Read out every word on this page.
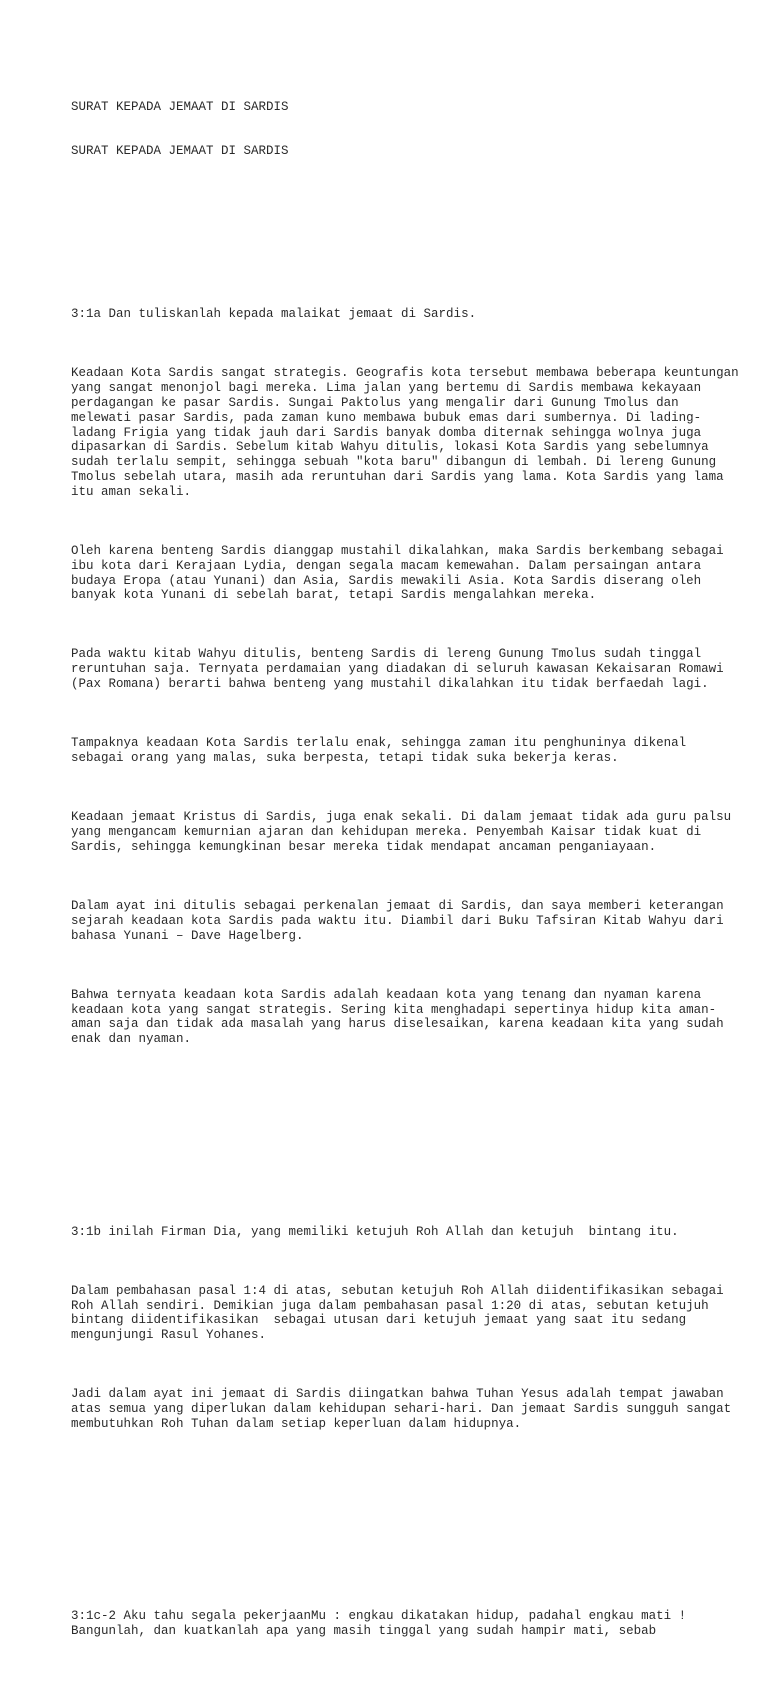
SURAT KEPADA JEMAAT DI SARDIS

SURAT KEPADA JEMAAT DI SARDIS

3:1a Dan tuliskanlah kepada malaikat jemaat di Sardis.

Keadaan Kota Sardis sangat strategis. Geografis kota tersebut membawa beberapa keuntungan yang sangat menonjol bagi mereka. Lima jalan yang bertemu di Sardis membawa kekayaan perdagangan ke pasar Sardis. Sungai Paktolus yang mengalir dari Gunung Tmolus dan melewati pasar Sardis, pada zaman kuno membawa bubuk emas dari sumbernya. Di lading-ladang Frigia yang tidak jauh dari Sardis banyak domba diternak sehingga wolnya juga dipasarkan di Sardis. Sebelum kitab Wahyu ditulis, lokasi Kota Sardis yang sebelumnya sudah terlalu sempit, sehingga sebuah "kota baru" dibangun di lembah. Di lereng Gunung Tmolus sebelah utara, masih ada reruntuhan dari Sardis yang lama. Kota Sardis yang lama itu aman sekali.

Oleh karena benteng Sardis dianggap mustahil dikalahkan, maka Sardis berkembang sebagai ibu kota dari Kerajaan Lydia, dengan segala macam kemewahan. Dalam persaingan antara budaya Eropa (atau Yunani) dan Asia, Sardis mewakili Asia. Kota Sardis diserang oleh banyak kota Yunani di sebelah barat, tetapi Sardis mengalahkan mereka.

Pada waktu kitab Wahyu ditulis, benteng Sardis di lereng Gunung Tmolus sudah tinggal reruntuhan saja. Ternyata perdamaian yang diadakan di seluruh kawasan Kekaisaran Romawi (Pax Romana) berarti bahwa benteng yang mustahil dikalahkan itu tidak berfaedah lagi.

Tampaknya keadaan Kota Sardis terlalu enak, sehingga zaman itu penghuninya dikenal sebagai orang yang malas, suka berpesta, tetapi tidak suka bekerja keras.

Keadaan jemaat Kristus di Sardis, juga enak sekali. Di dalam jemaat tidak ada guru palsu yang mengancam kemurnian ajaran dan kehidupan mereka. Penyembah Kaisar tidak kuat di Sardis, sehingga kemungkinan besar mereka tidak mendapat ancaman penganiayaan.

Dalam ayat ini ditulis sebagai perkenalan jemaat di Sardis, dan saya memberi keterangan sejarah keadaan kota Sardis pada waktu itu. Diambil dari Buku Tafsiran Kitab Wahyu dari bahasa Yunani – Dave Hagelberg.

Bahwa ternyata keadaan kota Sardis adalah keadaan kota yang tenang dan nyaman karena keadaan kota yang sangat strategis. Sering kita menghadapi sepertinya hidup kita aman-aman saja dan tidak ada masalah yang harus diselesaikan, karena keadaan kita yang sudah enak dan nyaman.

3:1b inilah Firman Dia, yang memiliki ketujuh Roh Allah dan ketujuh  bintang itu.

Dalam pembahasan pasal 1:4 di atas, sebutan ketujuh Roh Allah diidentifikasikan sebagai Roh Allah sendiri. Demikian juga dalam pembahasan pasal 1:20 di atas, sebutan ketujuh bintang diidentifikasikan  sebagai utusan dari ketujuh jemaat yang saat itu sedang mengunjungi Rasul Yohanes.

Jadi dalam ayat ini jemaat di Sardis diingatkan bahwa Tuhan Yesus adalah tempat jawaban atas semua yang diperlukan dalam kehidupan sehari-hari. Dan jemaat Sardis sungguh sangat membutuhkan Roh Tuhan dalam setiap keperluan dalam hidupnya.

3:1c-2 Aku tahu segala pekerjaanMu : engkau dikatakan hidup, padahal engkau mati ! Bangunlah, dan kuatkanlah apa yang masih tinggal yang sudah hampir mati, sebab
